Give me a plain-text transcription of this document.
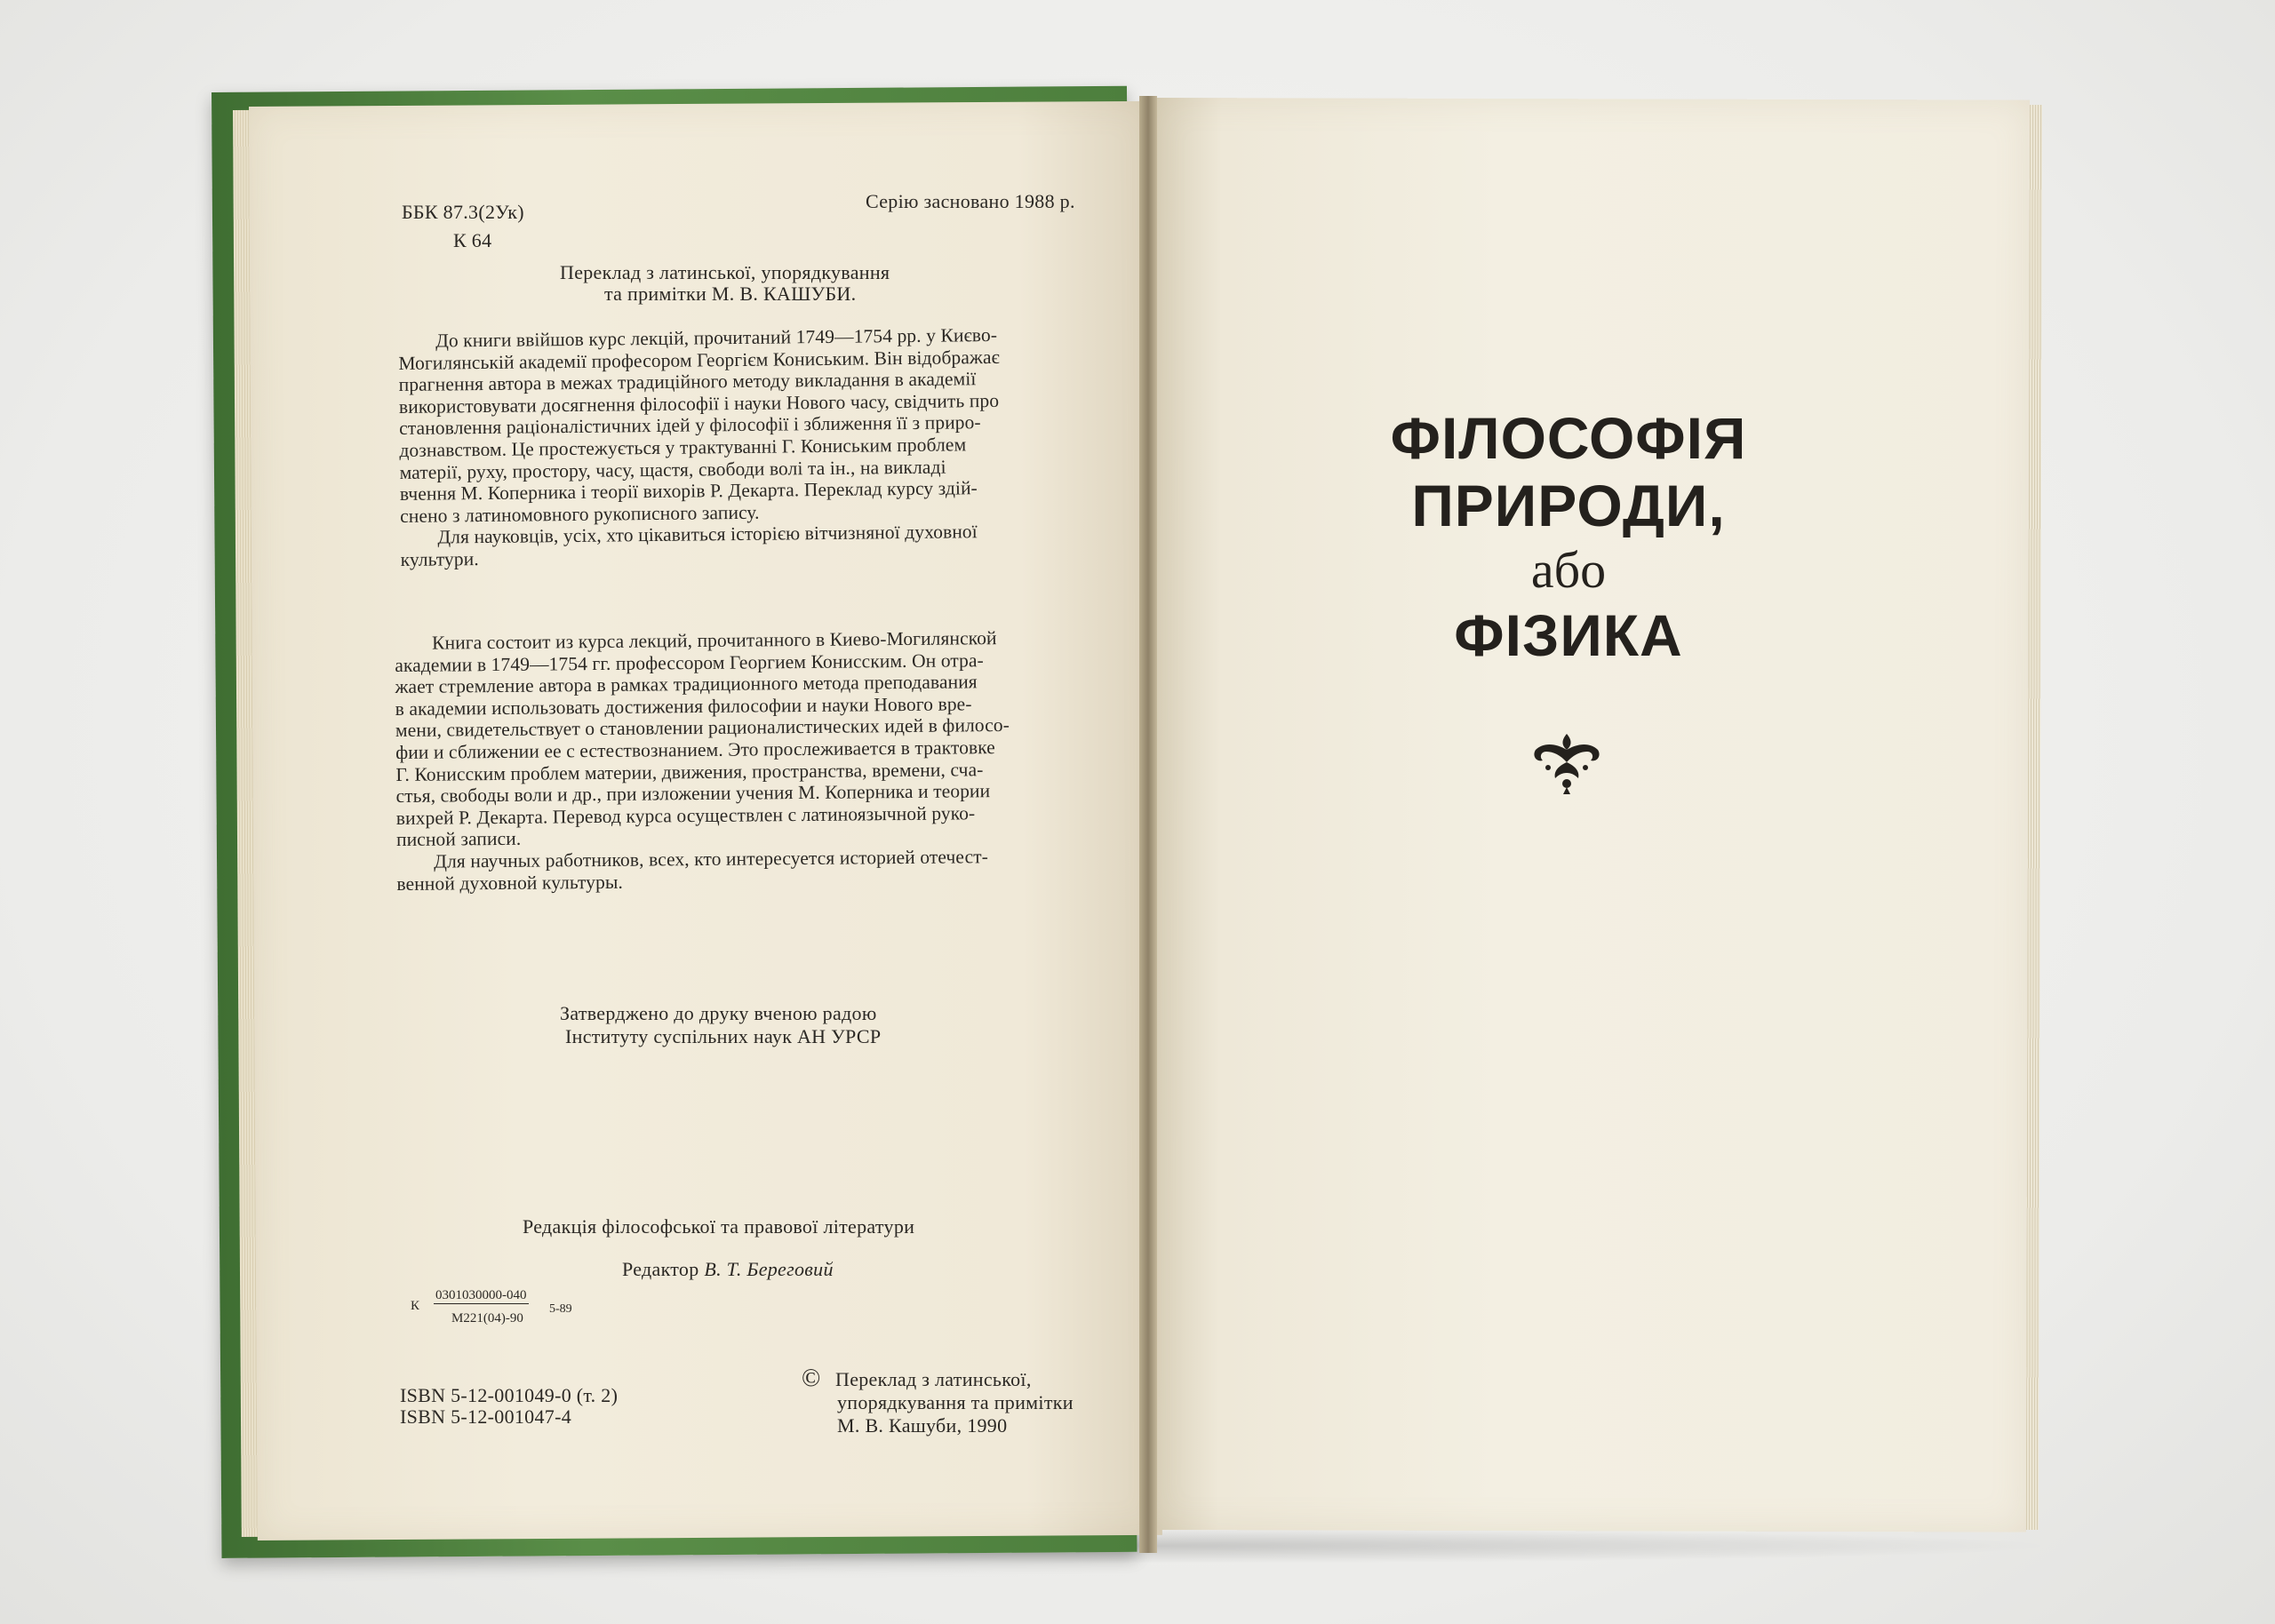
ББК 87.3(2Ук)
К 64
Серію засновано 1988 р.
Переклад з латинської, упорядкування
та примітки М. В. КАШУБИ.
До книги ввійшов курс лекцій, прочитаний 1749—1754 рр. у Києво-
Могилянській академії професором Георгієм Кониським. Він відображає
прагнення автора в межах традиційного методу викладання в академії
використовувати досягнення філософії і науки Нового часу, свідчить про
становлення раціоналістичних ідей у філософії і зближення її з приро-
дознавством. Це простежується у трактуванні Г. Кониським проблем
матерії, руху, простору, часу, щастя, свободи волі та ін., на викладі
вчення М. Коперника і теорії вихорів Р. Декарта. Переклад курсу здій-
снено з латиномовного рукописного запису.
Для науковців, усіх, хто цікавиться історією вітчизняної духовної
культури.
Книга состоит из курса лекций, прочитанного в Киево-Могилянской
академии в 1749—1754 гг. профессором Георгием Конисским. Он отра-
жает стремление автора в рамках традиционного метода преподавания
в академии использовать достижения философии и науки Нового вре-
мени, свидетельствует о становлении рационалистических идей в филосо-
фии и сближении ее с естествознанием. Это прослеживается в трактовке
Г. Конисским проблем материи, движения, пространства, времени, сча-
стья, свободы воли и др., при изложении учения М. Коперника и теории
вихрей Р. Декарта. Перевод курса осуществлен с латиноязычной руко-
писной записи.
Для научных работников, всех, кто интересуется историей отечест-
венной духовной культуры.
Затверджено до друку вченою радою
Інституту суспільних наук АН УРСР
Редакція філософської та правової літератури
Редактор В. Т. Береговий
К
0301030000-040
М221(04)-90
5-89
ISBN 5-12-001049-0 (т. 2)
ISBN 5-12-001047-4
© Переклад з латинської,
упорядкування та примітки
М. В. Кашуби, 1990
ФІЛОСОФІЯ
ПРИРОДИ,
або
ФІЗИКА
